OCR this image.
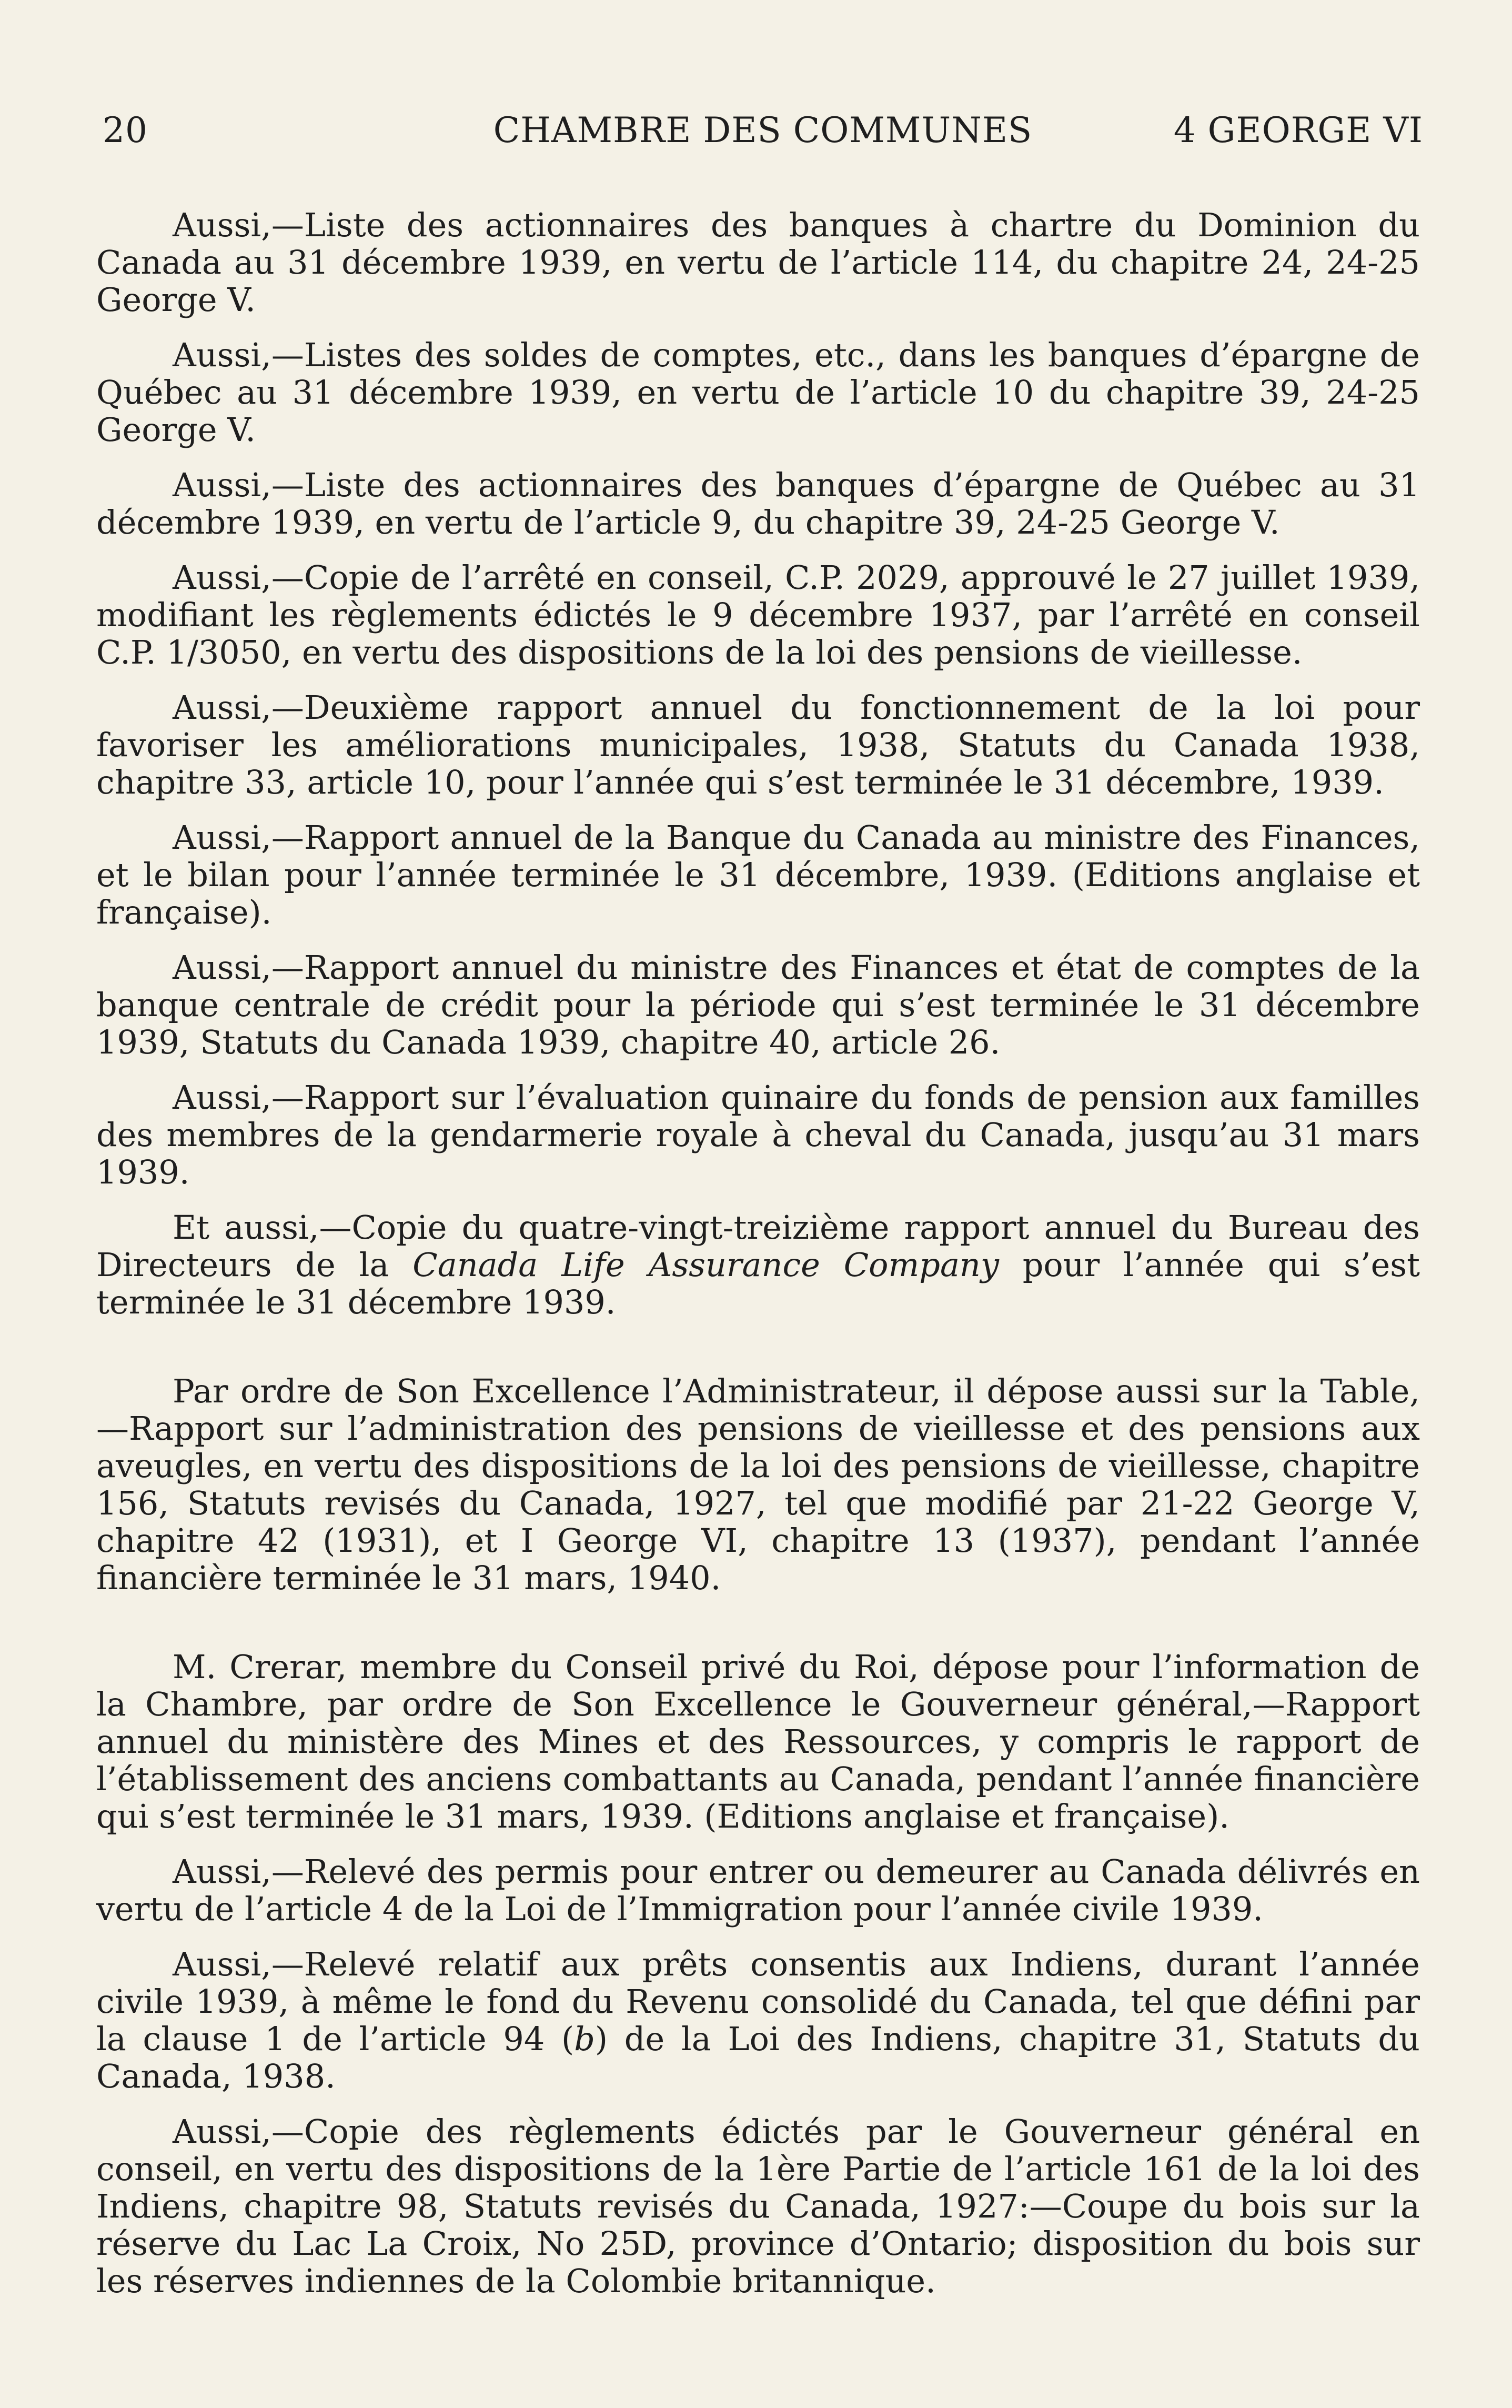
20	CHAMBRE DES COMMUNES	4 GEORGE VI

Aussi,—Liste des actionnaires des banques à chartre du Dominion du Canada au 31 décembre 1939, en vertu de l’article 114, du chapitre 24, 24-25 George V.

Aussi,—Listes des soldes de comptes, etc., dans les banques d’épargne de Québec au 31 décembre 1939, en vertu de l’article 10 du chapitre 39, 24-25 George V.

Aussi,—Liste des actionnaires des banques d’épargne de Québec au 31 décembre 1939, en vertu de l’article 9, du chapitre 39, 24-25 George V.

Aussi,—Copie de l’arrêté en conseil, C.P. 2029, approuvé le 27 juillet 1939, modifiant les règlements édictés le 9 décembre 1937, par l’arrêté en conseil C.P. 1/3050, en vertu des dispositions de la loi des pensions de vieillesse.

Aussi,—Deuxième rapport annuel du fonctionnement de la loi pour favoriser les améliorations municipales, 1938, Statuts du Canada 1938, chapitre 33, article 10, pour l’année qui s’est terminée le 31 décembre, 1939.

Aussi,—Rapport annuel de la Banque du Canada au ministre des Finances, et le bilan pour l’année terminée le 31 décembre, 1939. (Editions anglaise et française).

Aussi,—Rapport annuel du ministre des Finances et état de comptes de la banque centrale de crédit pour la période qui s’est terminée le 31 décembre 1939, Statuts du Canada 1939, chapitre 40, article 26.

Aussi,—Rapport sur l’évaluation quinaire du fonds de pension aux familles des membres de la gendarmerie royale à cheval du Canada, jusqu’au 31 mars 1939.

Et aussi,—Copie du quatre-vingt-treizième rapport annuel du Bureau des Directeurs de la Canada Life Assurance Company pour l’année qui s’est terminée le 31 décembre 1939.

Par ordre de Son Excellence l’Administrateur, il dépose aussi sur la Table,—Rapport sur l’administration des pensions de vieillesse et des pensions aux aveugles, en vertu des dispositions de la loi des pensions de vieillesse, chapitre 156, Statuts revisés du Canada, 1927, tel que modifié par 21-22 George V, chapitre 42 (1931), et I George VI, chapitre 13 (1937), pendant l’année financière terminée le 31 mars, 1940.

M. Crerar, membre du Conseil privé du Roi, dépose pour l’information de la Chambre, par ordre de Son Excellence le Gouverneur général,—Rapport annuel du ministère des Mines et des Ressources, y compris le rapport de l’établissement des anciens combattants au Canada, pendant l’année financière qui s’est terminée le 31 mars, 1939. (Editions anglaise et française).

Aussi,—Relevé des permis pour entrer ou demeurer au Canada délivrés en vertu de l’article 4 de la Loi de l’Immigration pour l’année civile 1939.

Aussi,—Relevé relatif aux prêts consentis aux Indiens, durant l’année civile 1939, à même le fond du Revenu consolidé du Canada, tel que défini par la clause 1 de l’article 94 (b) de la Loi des Indiens, chapitre 31, Statuts du Canada, 1938.

Aussi,—Copie des règlements édictés par le Gouverneur général en conseil, en vertu des dispositions de la 1ère Partie de l’article 161 de la loi des Indiens, chapitre 98, Statuts revisés du Canada, 1927:—Coupe du bois sur la réserve du Lac La Croix, No 25D, province d’Ontario; disposition du bois sur les réserves indiennes de la Colombie britannique.
